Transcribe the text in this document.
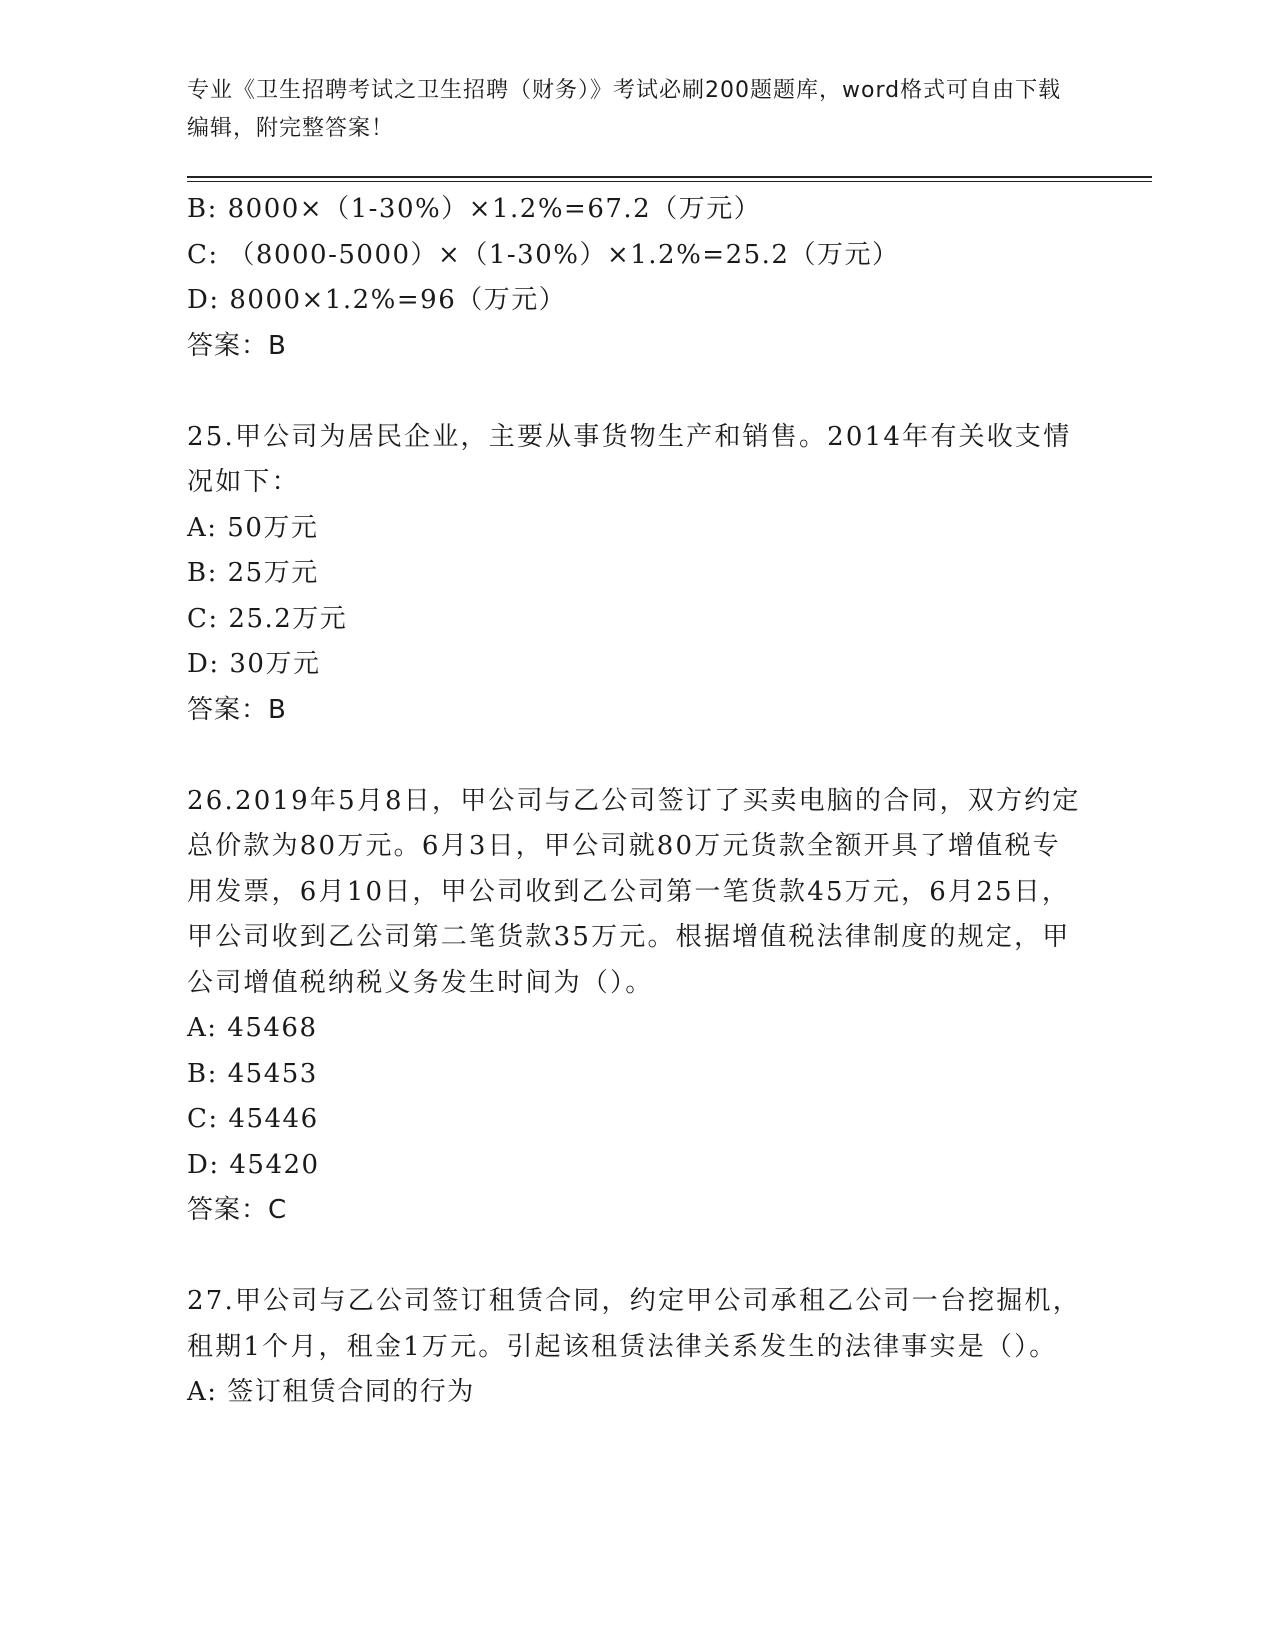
专业《卫生招聘考试之卫生招聘（财务）》考试必刷200题题库，word格式可自由下载编辑，附完整答案！
B: 8000×（1-30%）×1.2%=67.2（万元）
C: （8000-5000）×（1-30%）×1.2%=25.2（万元）
D: 8000×1.2%=96（万元）
答案：B
25.甲公司为居民企业，主要从事货物生产和销售。2014年有关收支情况如下：
A: 50万元
B: 25万元
C: 25.2万元
D: 30万元
答案：B
26.2019年5月8日，甲公司与乙公司签订了买卖电脑的合同，双方约定总价款为80万元。6月3日，甲公司就80万元货款全额开具了增值税专用发票，6月10日，甲公司收到乙公司第一笔货款45万元，6月25日，甲公司收到乙公司第二笔货款35万元。根据增值税法律制度的规定，甲公司增值税纳税义务发生时间为（）。
A: 45468
B: 45453
C: 45446
D: 45420
答案：C
27.甲公司与乙公司签订租赁合同，约定甲公司承租乙公司一台挖掘机，租期1个月，租金1万元。引起该租赁法律关系发生的法律事实是（）。
A: 签订租赁合同的行为
